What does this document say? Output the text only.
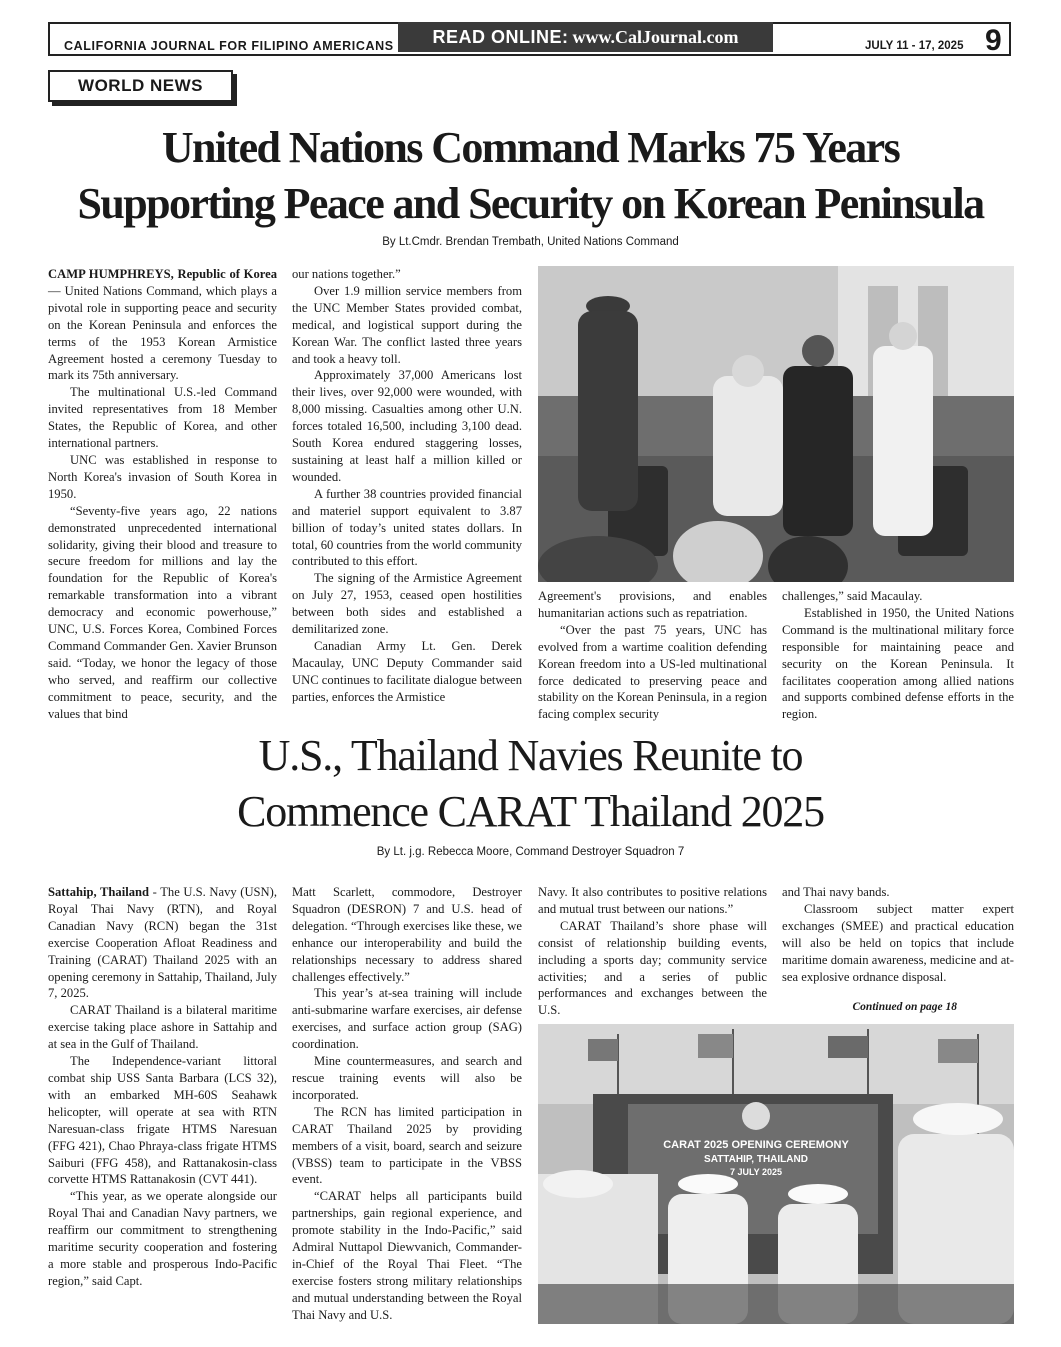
CALIFORNIA JOURNAL FOR FILIPINO AMERICANS	READ ONLINE: www.CalJournal.com	JULY 11 - 17, 2025 9
WORLD NEWS
United Nations Command Marks 75 Years
Supporting Peace and Security on Korean Peninsula
By Lt.Cmdr. Brendan Trembath, United Nations Command

CAMP HUMPHREYS, Republic of Korea — United Nations Command, which plays a pivotal role in supporting peace and security on the Korean Peninsula and enforces the terms of the 1953 Korean Armistice Agreement hosted a ceremony Tuesday to mark its 75th anniversary.

The multinational U.S.-led Command invited representatives from 18 Member States, the Republic of Korea, and other international partners.

UNC was established in response to North Korea's invasion of South Korea in 1950.

“Seventy-five years ago, 22 nations demonstrated unprecedented international solidarity, giving their blood and treasure to secure freedom for millions and lay the foundation for the Republic of Korea's remarkable transformation into a vibrant democracy and economic powerhouse,” UNC, U.S. Forces Korea, Combined Forces Command Commander Gen. Xavier Brunson said. “Today, we honor the legacy of those who served, and reaffirm our collective commitment to peace, security, and the values that bind

our nations together.”

Over 1.9 million service members from the UNC Member States provided combat, medical, and logistical support during the Korean War. The conflict lasted three years and took a heavy toll.

Approximately 37,000 Americans lost their lives, over 92,000 were wounded, with 8,000 missing. Casualties among other U.N. forces totaled 16,500, including 3,100 dead. South Korea endured staggering losses, sustaining at least half a million killed or wounded.

A further 38 countries provided financial and materiel support equivalent to 3.87 billion of today’s united states dollars. In total, 60 countries from the world community contributed to this effort.

The signing of the Armistice Agreement on July 27, 1953, ceased open hostilities between both sides and established a demilitarized zone.

Canadian Army Lt. Gen. Derek Macaulay, UNC Deputy Commander said UNC continues to facilitate dialogue between parties, enforces the Armistice

Agreement's provisions, and enables humanitarian actions such as repatriation.

“Over the past 75 years, UNC has evolved from a wartime coalition defending Korean freedom into a US-led multinational force dedicated to preserving peace and stability on the Korean Peninsula, in a region facing complex security

challenges,” said Macaulay.

Established in 1950, the United Nations Command is the multinational military force responsible for maintaining peace and security on the Korean Peninsula. It facilitates cooperation among allied nations and supports combined defense efforts in the region.

U.S., Thailand Navies Reunite to
Commence CARAT Thailand 2025
By Lt. j.g. Rebecca Moore, Command Destroyer Squadron 7

Sattahip, Thailand - The U.S. Navy (USN), Royal Thai Navy (RTN), and Royal Canadian Navy (RCN) began the 31st exercise Cooperation Afloat Readiness and Training (CARAT) Thailand 2025 with an opening ceremony in Sattahip, Thailand, July 7, 2025.

CARAT Thailand is a bilateral maritime exercise taking place ashore in Sattahip and at sea in the Gulf of Thailand.

The Independence-variant littoral combat ship USS Santa Barbara (LCS 32), with an embarked MH-60S Seahawk helicopter, will operate at sea with RTN Naresuan-class frigate HTMS Naresuan (FFG 421), Chao Phraya-class frigate HTMS Saiburi (FFG 458), and Rattanakosin-class corvette HTMS Rattanakosin (CVT 441).

“This year, as we operate alongside our Royal Thai and Canadian Navy partners, we reaffirm our commitment to strengthening maritime security cooperation and fostering a more stable and prosperous Indo-Pacific region,” said Capt.

Matt Scarlett, commodore, Destroyer Squadron (DESRON) 7 and U.S. head of delegation. “Through exercises like these, we enhance our interoperability and build the relationships necessary to address shared challenges effectively.”

This year’s at-sea training will include anti-submarine warfare exercises, air defense exercises, and surface action group (SAG) coordination.

Mine countermeasures, and search and rescue training events will also be incorporated.

The RCN has limited participation in CARAT Thailand 2025 by providing members of a visit, board, search and seizure (VBSS) team to participate in the VBSS event.

“CARAT helps all participants build partnerships, gain regional experience, and promote stability in the Indo-Pacific,” said Admiral Nuttapol Diewvanich, Commander-in-Chief of the Royal Thai Fleet. “The exercise fosters strong military relationships and mutual understanding between the Royal Thai Navy and U.S.

Navy. It also contributes to positive relations and mutual trust between our nations.”

CARAT Thailand’s shore phase will consist of relationship building events, including a sports day; community service activities; and a series of public performances and exchanges between the U.S.

and Thai navy bands.

Classroom subject matter expert exchanges (SMEE) and practical education will also be held on topics that include maritime domain awareness, medicine and at-sea explosive ordnance disposal.

Continued on page 18
CARAT 2025 OPENING CEREMONY
SATTAHIP, THAILAND
7 JULY 2025
